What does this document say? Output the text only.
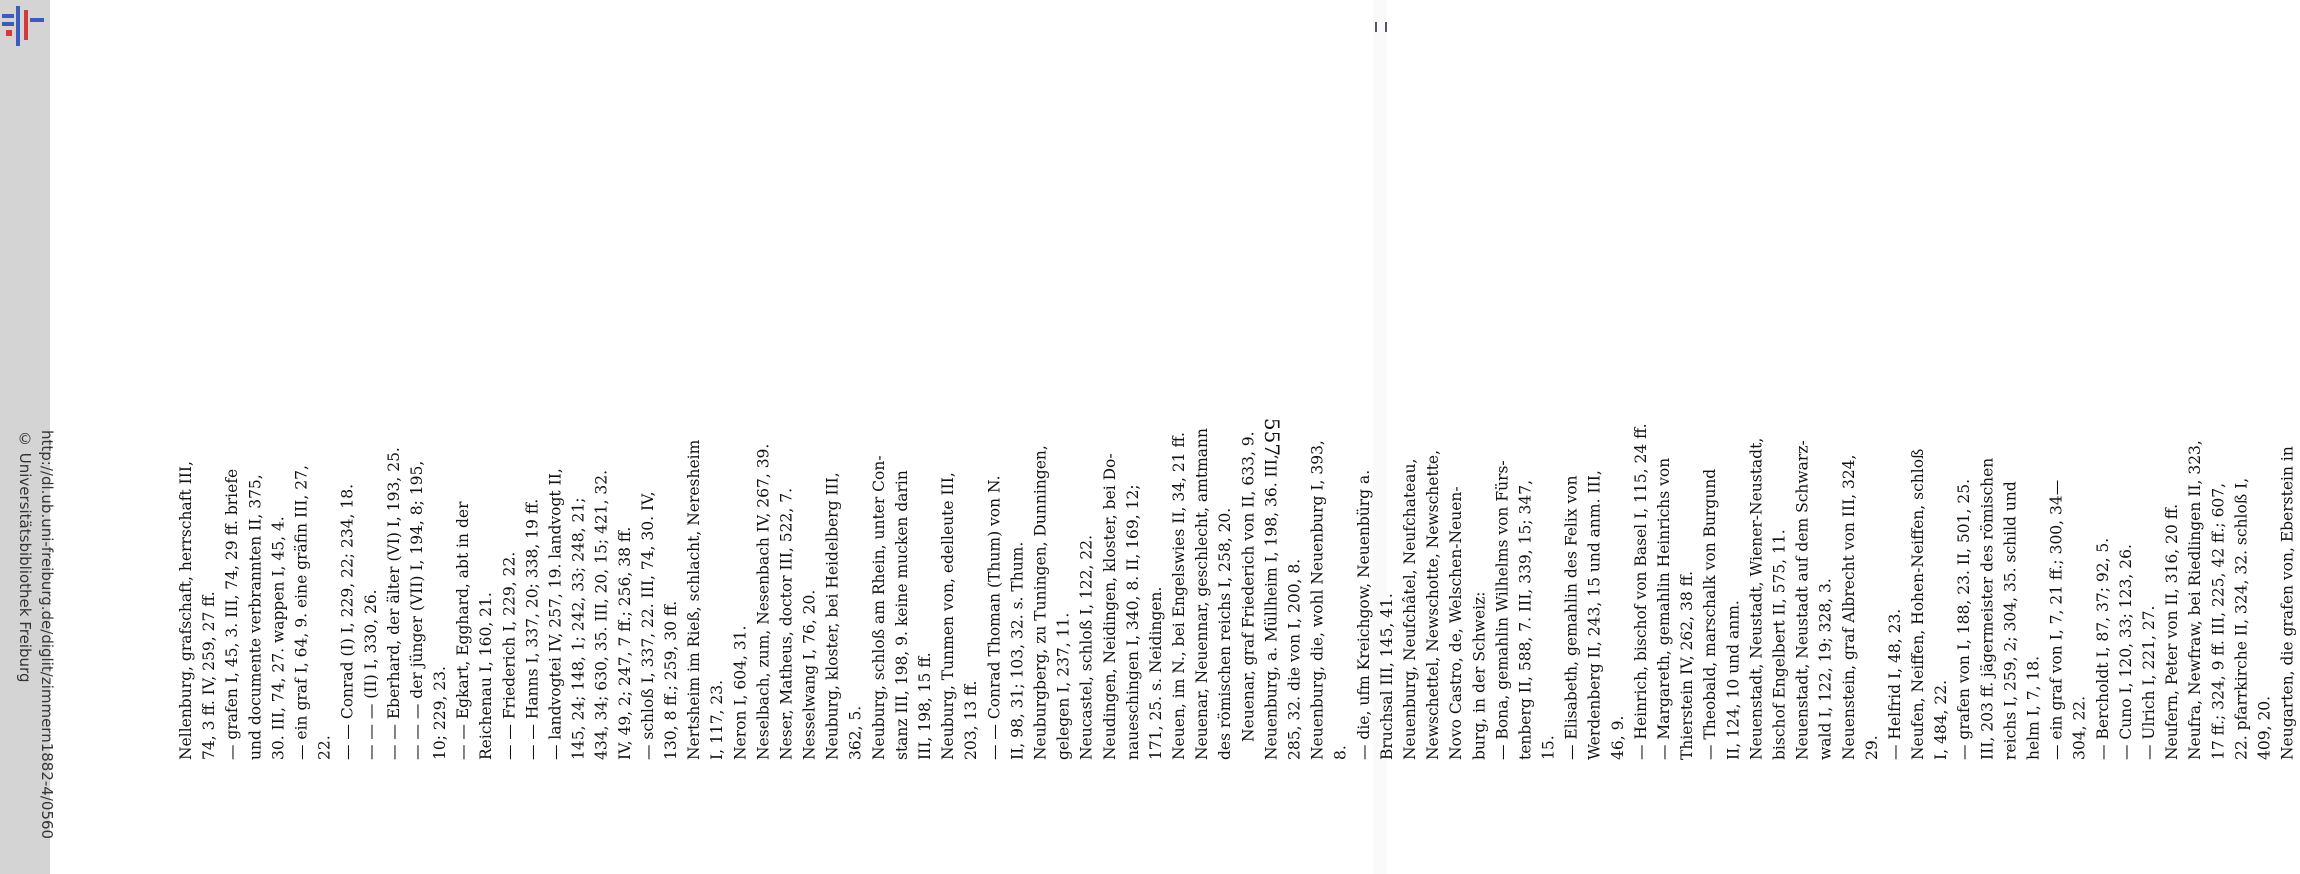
http://dl.ub.uni-freiburg.de/diglit/zimmern1882-4/0560
© Universitätsbibliothek Freiburg	Nellenburg, grafschaft, herrschaft III, 74, 3 ff. IV, 259, 27 ff. — grafen I, 45, 3. III, 74, 29 ff. briefe und documente verbrannten II, 375, 30. III, 74, 27. wappen I, 45, 4. — ein graf I, 64, 9. eine gräfin III, 27, 22. — — Conrad (I) I, 229, 22; 234, 18. — — — (II) I, 330, 26. — — Eberhard, der älter (VI) I, 193, 25. — — — der jünger (VII) I, 194, 8; 195, 10; 229, 23. — — Egkart, Egghard, abt in der Reichenau I, 160, 21. — — Friederich I, 229, 22. — — Hanns I, 337, 20; 338, 19 ff. — landvogtei IV, 257, 19. landvogt II, 145, 24; 148, 1; 242, 33; 248, 21; 434, 34; 630, 35. III, 20, 15; 421, 32. IV, 49, 2; 247, 7 ff.; 256, 38 ff. — schloß I, 337, 22. III, 74, 30. IV, 130, 8 ff.; 259, 30 ff. Nertsheim im Rieß, schlacht, Neresheim I, 117, 23. Neron I, 604, 31. Neselbach, zum, Nesenbach IV, 267, 39. Neser, Matheus, doctor III, 522, 7. Nesselwang I, 76, 20. Neuburg, kloster, bei Heidelberg III, 362, 5. Neuburg, schloß am Rhein, unter Con- stanz III, 198, 9. keine mucken darin III, 198, 15 ff. Neuburg, Tunmen von, edelleute III, 203, 13 ff. — — Conrad Thoman (Thum) von N. II, 98, 31; 103, 32. s. Thum. Neuburgberg, zu Tuningen, Dunningen, gelegen I, 237, 11. Neucastel, schloß I, 122, 22. Neudingen, Neidingen, kloster, bei Do- naueschingen I, 340, 8. II, 169, 12; 171, 25. s. Neidingen. Neuen, im N., bei Engelswies II, 34, 21 ff. Neuenar, Neuennar, geschlecht, amtmann des römischen reichs I, 258, 20. Neuenar, graf Friederich von II, 633, 9. Neuenburg, a. Müllheim I, 198, 36. III, 285, 32. die von I, 200, 8. Neuenburg, die, wohl Neuenburg I, 393, 8. — die, ufm Kreichgow, Neuenbürg a. Bruchsal III, 145, 41. Neuenburg, Neufchâtel, Neufchateau, Newschettel, Newschotte, Newschette, Novo Castro, de, Welschen-Neuen- burg, in der Schweiz: — Bona, gemahlin Wilhelms von Fürs- tenberg II, 588, 7. III, 339, 15; 347, 15. — Elisabeth, gemahlin des Felix von Werdenberg II, 243, 15 und anm. III, 46, 9. — Heinrich, bischof von Basel I, 115, 24 ff. — Margareth, gemahlin Heinrichs von Thierstein IV, 262, 38 ff. — Theobald, marschalk von Burgund II, 124, 10 und anm. Neuenstadt, Neustadt, Wiener-Neustadt, bischof Engelbert II, 575, 11. Neuenstadt, Neustadt auf dem Schwarz- wald I, 122, 19; 328, 3. Neuenstein, graf Albrecht von III, 324, 29. — Helfrid I, 48, 23. Neufen, Neiffen, Hohen-Neiffen, schloß I, 484, 22. — grafen von I, 188, 23. II, 501, 25. III, 203 ff. jägermeister des römischen reichs I, 259, 2; 304, 35. schild und helm I, 7, 18. — ein graf von I, 7, 21 ff.; 300, 34— 304, 22. — Bercholdt I, 87, 37; 92, 5. — Cuno I, 120, 33; 123, 26. — Ulrich I, 221, 27. Neufern, Peter von II, 316, 20 ff. Neufra, Newfraw, bei Riedlingen II, 323, 17 ff.; 324, 9 ff. III, 225, 42 ff.; 607, 22. pfarrkirche II, 324, 32. schloß I, 409, 20. Neugarten, die grafen von, Eberstein in
557
